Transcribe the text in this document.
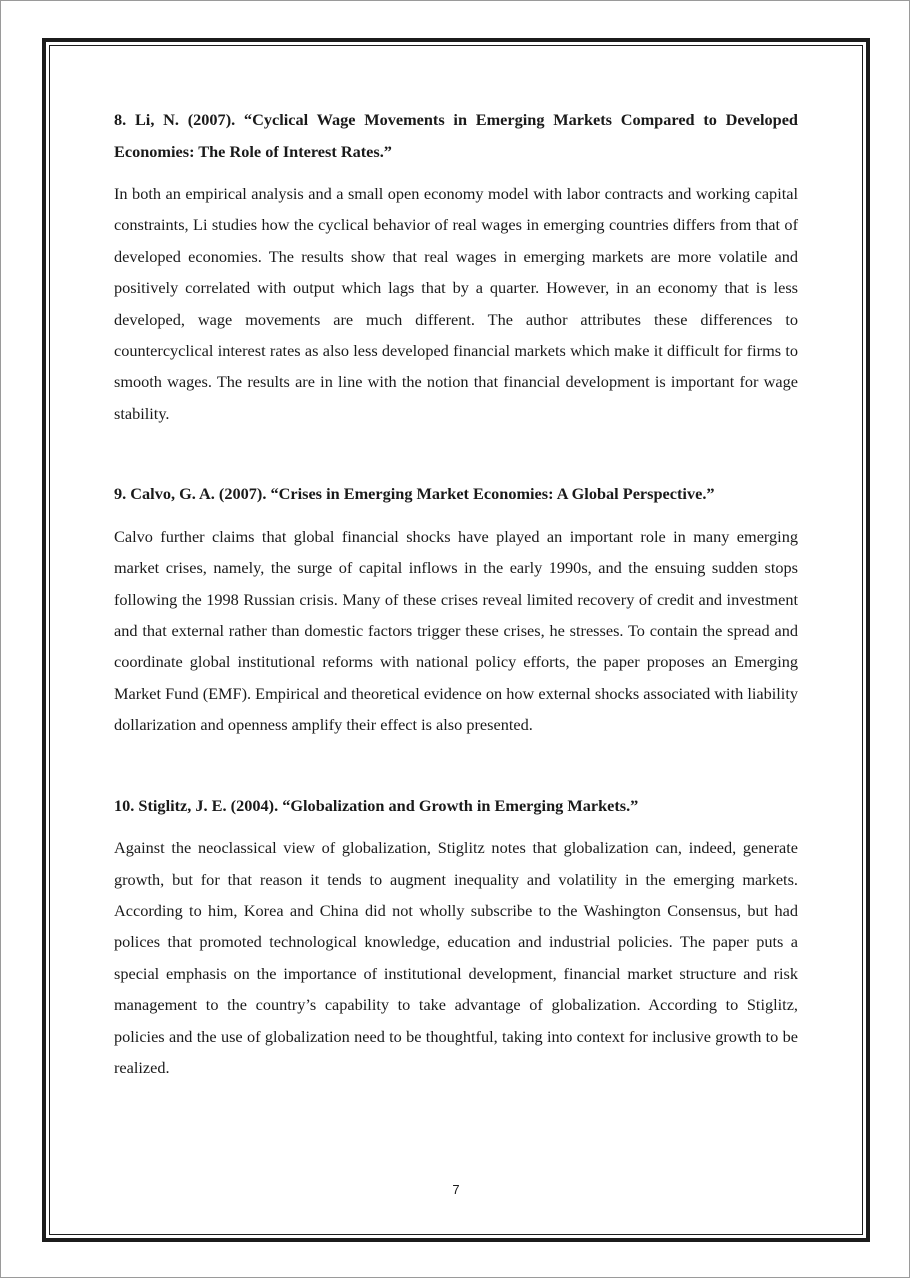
8. Li, N. (2007). “Cyclical Wage Movements in Emerging Markets Compared to Developed Economies: The Role of Interest Rates.”

In both an empirical analysis and a small open economy model with labor contracts and working capital constraints, Li studies how the cyclical behavior of real wages in emerging countries differs from that of developed economies. The results show that real wages in emerging markets are more volatile and positively correlated with output which lags that by a quarter. However, in an economy that is less developed, wage movements are much different. The author attributes these differences to countercyclical interest rates as also less developed financial markets which make it difficult for firms to smooth wages. The results are in line with the notion that financial development is important for wage stability.

9. Calvo, G. A. (2007). “Crises in Emerging Market Economies: A Global Perspective.”

Calvo further claims that global financial shocks have played an important role in many emerging market crises, namely, the surge of capital inflows in the early 1990s, and the ensuing sudden stops following the 1998 Russian crisis. Many of these crises reveal limited recovery of credit and investment and that external rather than domestic factors trigger these crises, he stresses. To contain the spread and coordinate global institutional reforms with national policy efforts, the paper proposes an Emerging Market Fund (EMF). Empirical and theoretical evidence on how external shocks associated with liability dollarization and openness amplify their effect is also presented.

10. Stiglitz, J. E. (2004). “Globalization and Growth in Emerging Markets.”

Against the neoclassical view of globalization, Stiglitz notes that globalization can, indeed, generate growth, but for that reason it tends to augment inequality and volatility in the emerging markets. According to him, Korea and China did not wholly subscribe to the Washington Consensus, but had polices that promoted technological knowledge, education and industrial policies. The paper puts a special emphasis on the importance of institutional development, financial market structure and risk management to the country’s capability to take advantage of globalization. According to Stiglitz, policies and the use of globalization need to be thoughtful, taking into context for inclusive growth to be realized.

7
